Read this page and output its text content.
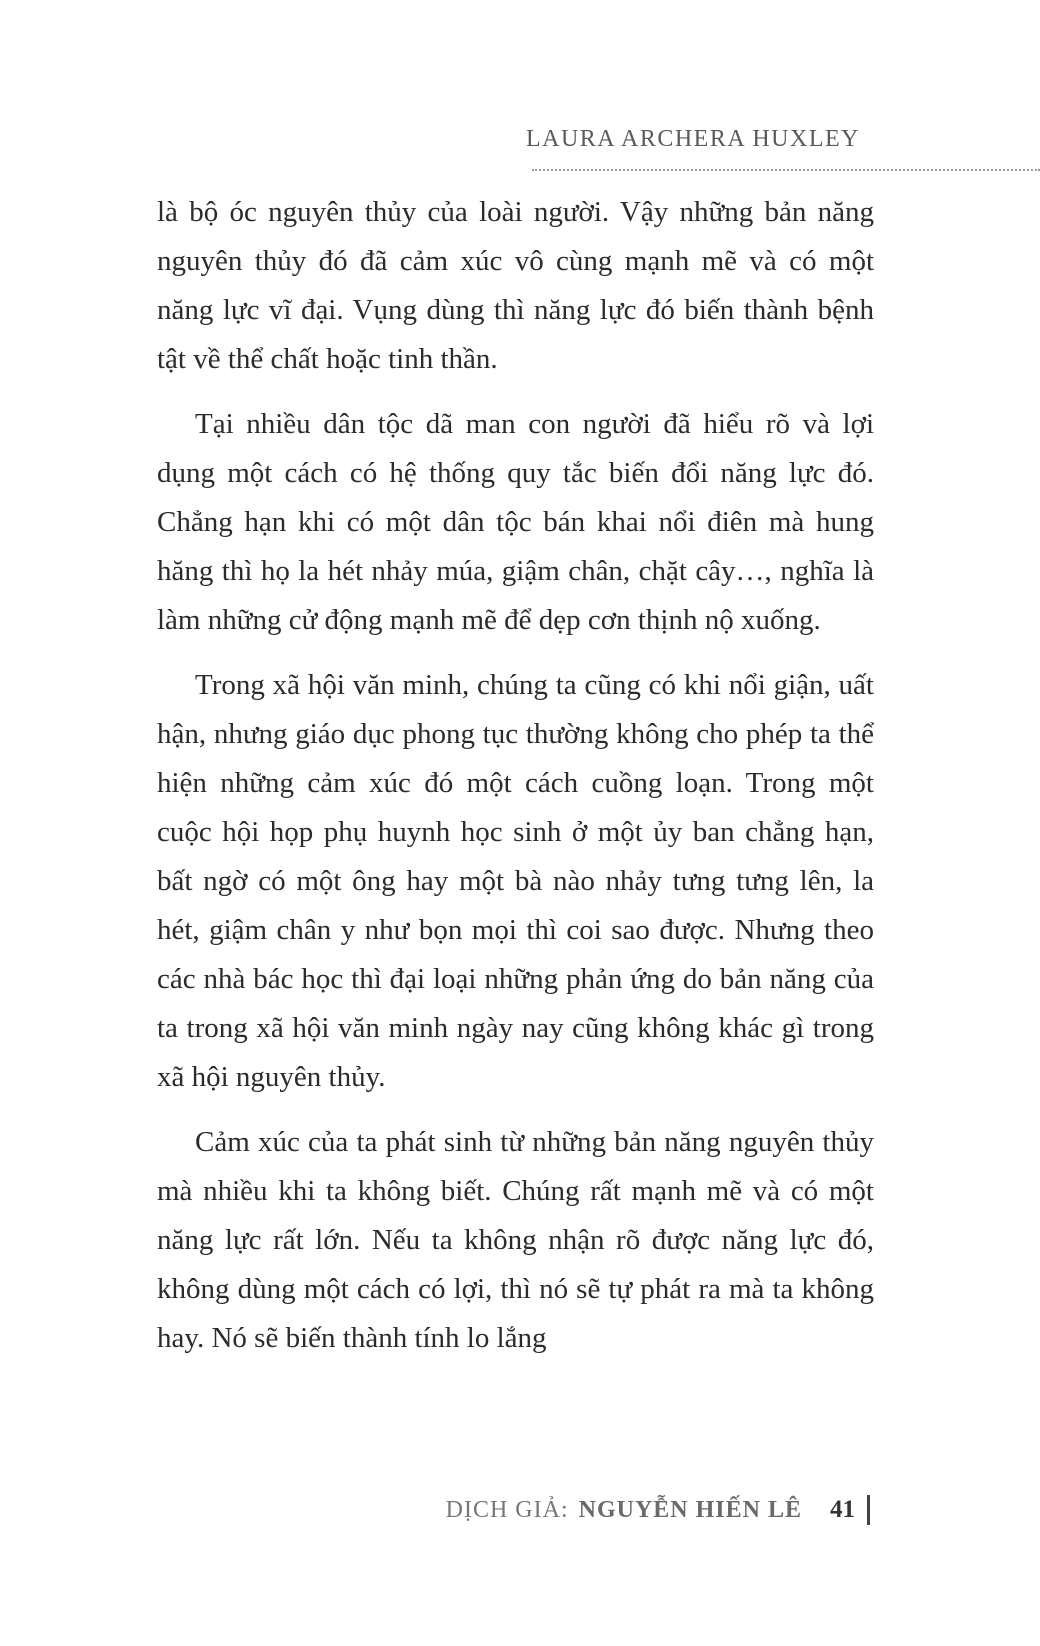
LAURA ARCHERA HUXLEY

là bộ óc nguyên thủy của loài người. Vậy những bản năng nguyên thủy đó đã cảm xúc vô cùng mạnh mẽ và có một năng lực vĩ đại. Vụng dùng thì năng lực đó biến thành bệnh tật về thể chất hoặc tinh thần.

Tại nhiều dân tộc dã man con người đã hiểu rõ và lợi dụng một cách có hệ thống quy tắc biến đổi năng lực đó. Chẳng hạn khi có một dân tộc bán khai nổi điên mà hung hăng thì họ la hét nhảy múa, giậm chân, chặt cây…, nghĩa là làm những cử động mạnh mẽ để dẹp cơn thịnh nộ xuống.

Trong xã hội văn minh, chúng ta cũng có khi nổi giận, uất hận, nhưng giáo dục phong tục thường không cho phép ta thể hiện những cảm xúc đó một cách cuồng loạn. Trong một cuộc hội họp phụ huynh học sinh ở một ủy ban chẳng hạn, bất ngờ có một ông hay một bà nào nhảy tưng tưng lên, la hét, giậm chân y như bọn mọi thì coi sao được. Nhưng theo các nhà bác học thì đại loại những phản ứng do bản năng của ta trong xã hội văn minh ngày nay cũng không khác gì trong xã hội nguyên thủy.

Cảm xúc của ta phát sinh từ những bản năng nguyên thủy mà nhiều khi ta không biết. Chúng rất mạnh mẽ và có một năng lực rất lớn. Nếu ta không nhận rõ được năng lực đó, không dùng một cách có lợi, thì nó sẽ tự phát ra mà ta không hay. Nó sẽ biến thành tính lo lắng

DỊCH GIẢ: NGUYỄN HIẾN LÊ 41
